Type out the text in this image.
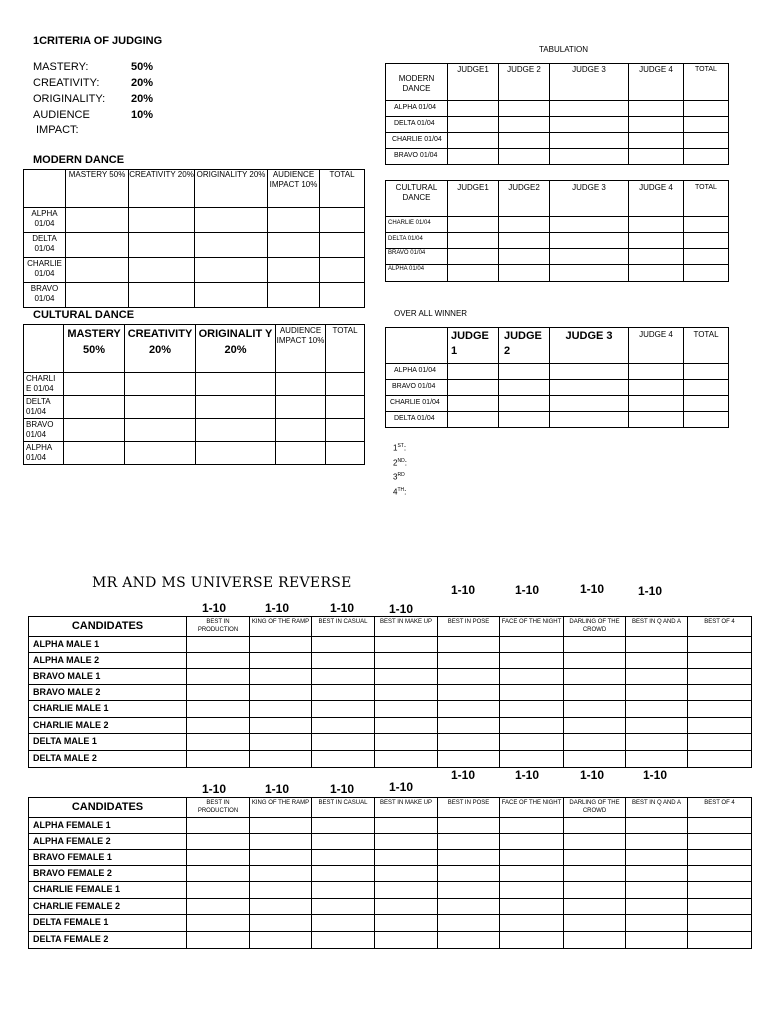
1CRITERIA OF JUDGING
MASTERY:	50%
CREATIVITY:	20%
ORIGINALITY: 20%
AUDIENCE	10%
IMPACT:
MODERN DANCE
	MASTERY 50%	CREATIVITY 20%	ORIGINALITY 20%	AUDIENCE IMPACT 10%	TOTAL
ALPHA 01/04					
DELTA 01/04					
CHARLIE 01/04					
BRAVO 01/04					
CULTURAL DANCE
	MASTERY 50%	CREATIVITY 20%	ORIGINALIT Y 20%	AUDIENCE IMPACT 10%	TOTAL
CHARLI E 01/04					
DELTA 01/04					
BRAVO 01/04					
ALPHA 01/04					
TABULATION
MODERN DANCE	JUDGE1	JUDGE 2	JUDGE 3	JUDGE 4	TOTAL
ALPHA 01/04					
DELTA 01/04					
CHARLIE 01/04					
BRAVO 01/04					
CULTURAL DANCE	JUDGE1	JUDGE2	JUDGE 3	JUDGE 4	TOTAL
CHARLIE 01/04					
DELTA 01/04					
BRAVO 01/04					
ALPHA 01/04					
OVER ALL WINNER
	JUDGE 1	JUDGE 2	JUDGE 3	JUDGE 4	TOTAL
ALPHA 01/04					
BRAVO 01/04					
CHARLIE 01/04					
DELTA 01/04					
1ST:
2ND:
3RD
4TH:
MR AND MS UNIVERSE REVERSE	1-10	1-10	1-10	1-10
1-10	1-10	1-10	1-10
CANDIDATES	BEST IN PRODUCTION	KING OF THE RAMP	BEST IN CASUAL	BEST IN MAKE UP	BEST IN POSE	FACE OF THE NIGHT	DARLING OF THE CROWD	BEST IN Q AND A	BEST OF 4
ALPHA MALE 1									
ALPHA MALE 2									
BRAVO MALE 1									
BRAVO MALE 2									
CHARLIE MALE 1									
CHARLIE MALE 2									
DELTA MALE 1									
DELTA MALE 2									
1-10	1-10	1-10	1-10
1-10	1-10	1-10	1-10
CANDIDATES	BEST IN PRODUCTION	KING OF THE RAMP	BEST IN CASUAL	BEST IN MAKE UP	BEST IN POSE	FACE OF THE NIGHT	DARLING OF THE CROWD	BEST IN Q AND A	BEST OF 4
ALPHA FEMALE 1									
ALPHA FEMALE 2									
BRAVO FEMALE 1									
BRAVO FEMALE 2									
CHARLIE FEMALE 1									
CHARLIE FEMALE 2									
DELTA FEMALE 1									
DELTA FEMALE 2									
